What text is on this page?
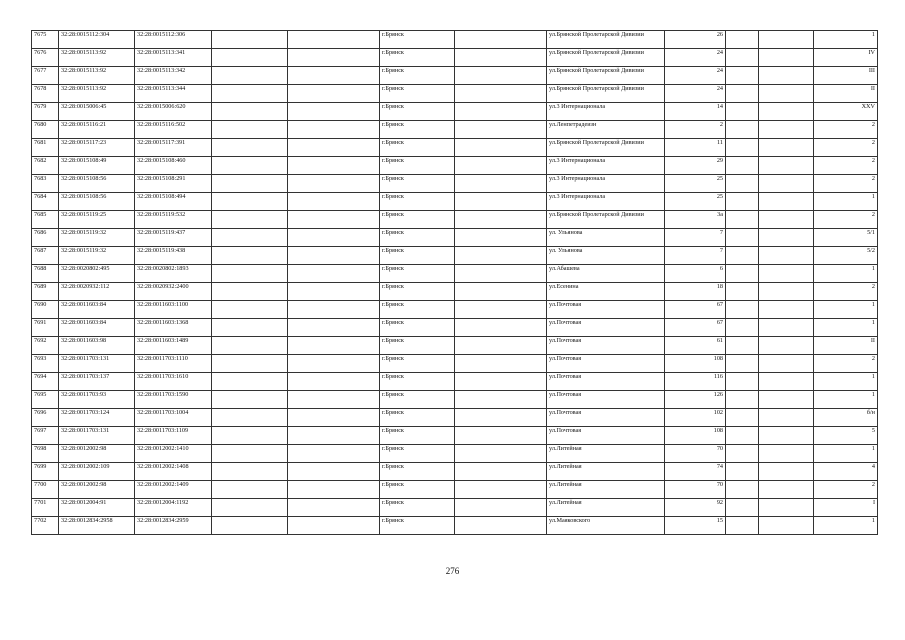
7675	32:28:0015112:304	32:28:0015112:306			г.Брянск		ул.Брянской Пролетарской Дивизии	26			1
7676	32:28:0015113:92	32:28:0015113:341			г.Брянск		ул.Брянской Пролетарской Дивизии	24			IV
7677	32:28:0015113:92	32:28:0015113:342			г.Брянск		ул.Брянской Пролетарской Дивизии	24			III
7678	32:28:0015113:92	32:28:0015113:344			г.Брянск		ул.Брянской Пролетарской Дивизии	24			II
7679	32:28:0015006:45	32:28:0015006:620			г.Брянск		ул.3 Интернационала	14			XXV
7680	32:28:0015116:21	32:28:0015116:502			г.Брянск		ул.Ленпетрадеизн	2			2
7681	32:28:0015117:23	32:28:0015117:391			г.Брянск		ул.Брянской Пролетарской Дивизии	11			2
7682	32:28:0015108:49	32:28:0015108:460			г.Брянск		ул.3 Интернационала	29			2
7683	32:28:0015108:56	32:28:0015108:291			г.Брянск		ул.3 Интернационала	25			2
7684	32:28:0015108:56	32:28:0015108:494			г.Брянск		ул.3 Интернационала	25			1
7685	32:28:0015119:25	32:28:0015119:532			г.Брянск		ул.Брянской Пролетарской Дивизии	3а			2
7686	32:28:0015119:32	32:28:0015119:437			г.Брянск		ул. Ульянова	7			5/1
7687	32:28:0015119:32	32:28:0015119:438			г.Брянск		ул. Ульянова	7			5/2
7688	32:28:0020802:495	32:28:0020802:1893			г.Брянск		ул.Абашева	6			1
7689	32:28:0020932:112	32:28:0020932:2400			г.Брянск		ул.Есенина	18			2
7690	32:28:0011603:84	32:28:0011603:1100			г.Брянск		ул.Почтовая	67			1
7691	32:28:0011603:84	32:28:0011603:1368			г.Брянск		ул.Почтовая	67			1
7692	32:28:0011603:98	32:28:0011603:1489			г.Брянск		ул.Почтовая	61			II
7693	32:28:0011703:131	32:28:0011703:1110			г.Брянск		ул.Почтовая	108			2
7694	32:28:0011703:137	32:28:0011703:1610			г.Брянск		ул.Почтовая	116			1
7695	32:28:0011703:93	32:28:0011703:1590			г.Брянск		ул.Почтовая	126			1
7696	32:28:0011703:124	32:28:0011703:1004			г.Брянск		ул.Почтовая	102			б/н
7697	32:28:0011703:131	32:28:0011703:1109			г.Брянск		ул.Почтовая	108			5
7698	32:28:0012002:98	32:28:0012002:1410			г.Брянск		ул.Литейная	70			1
7699	32:28:0012002:109	32:28:0012002:1408			г.Брянск		ул.Литейная	74			4
7700	32:28:0012002:98	32:28:0012002:1409			г.Брянск		ул.Литейная	70			2
7701	32:28:0012004:91	32:28:0012004:1192			г.Брянск		ул.Литейная	92			I
7702	32:28:0012834:2958	32:28:0012834:2959			г.Брянск		ул.Маяковского	15			1
276
